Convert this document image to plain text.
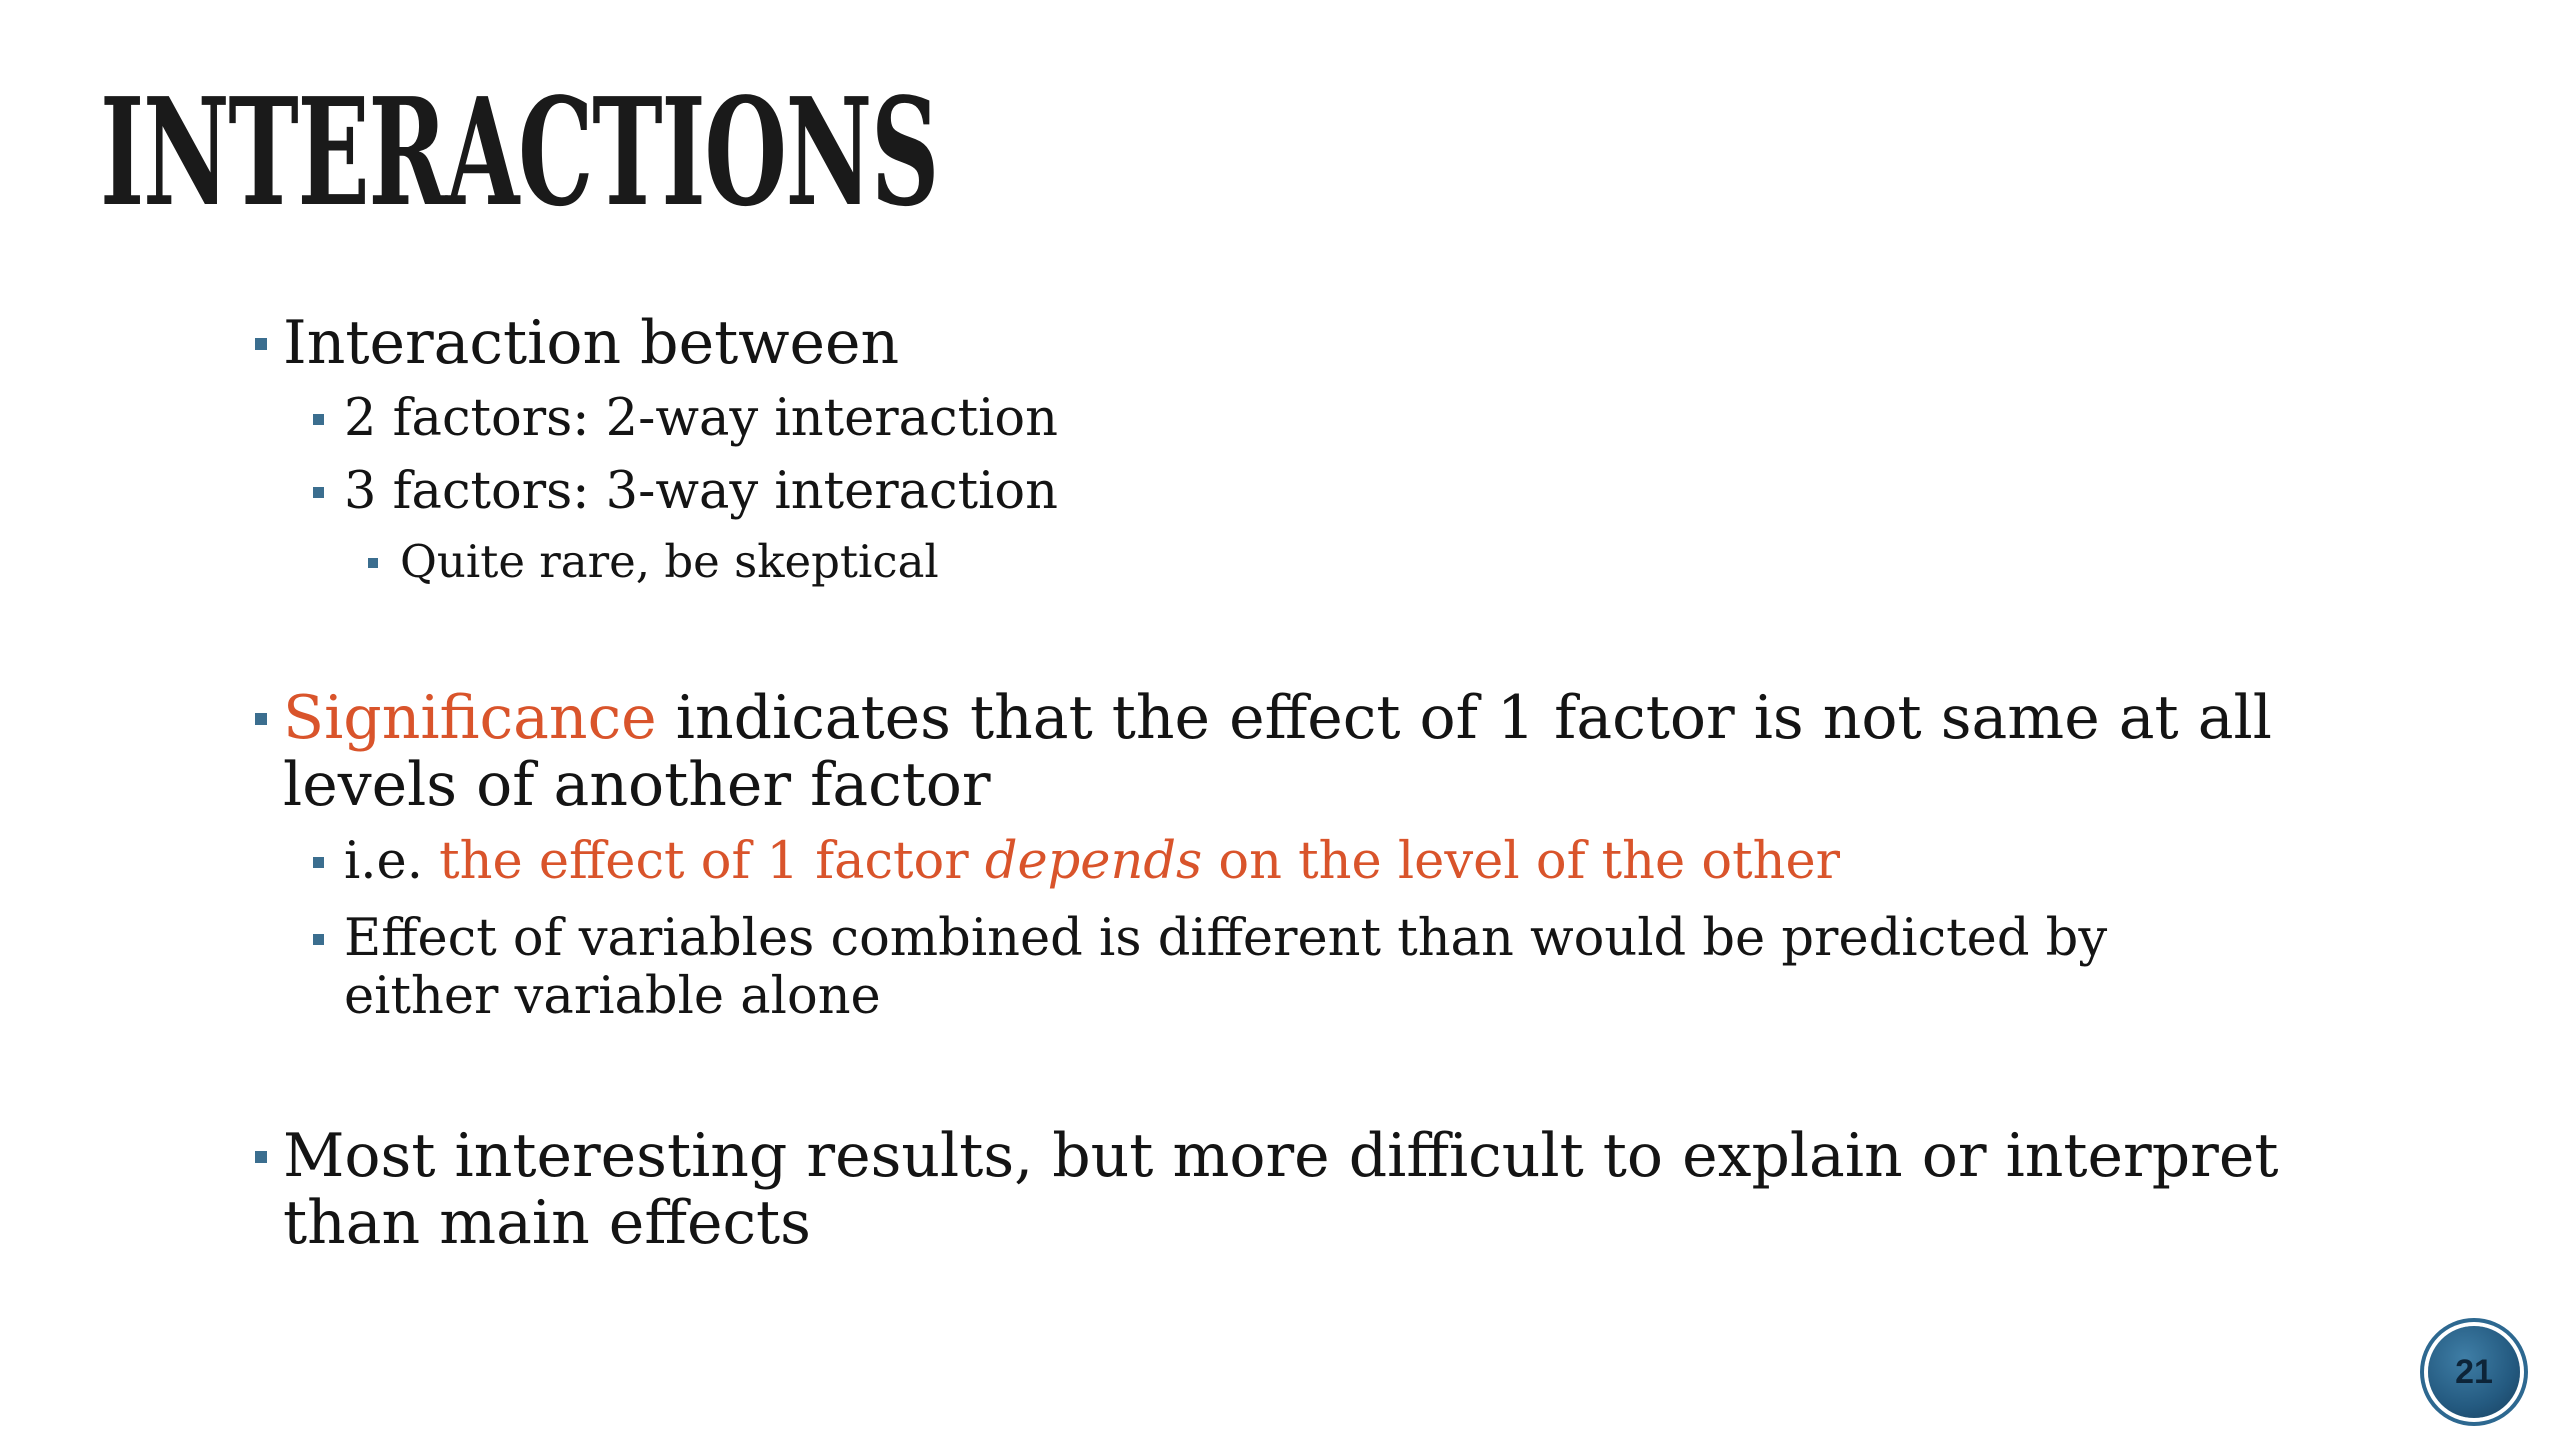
INTERACTIONS
Interaction between
2 factors: 2-way interaction
3 factors: 3-way interaction
Quite rare, be skeptical
Significance indicates that the effect of 1 factor is not same at all levels of another factor
i.e. the effect of 1 factor depends on the level of the other
Effect of variables combined is different than would be predicted by either variable alone
Most interesting results, but more difficult to explain or interpret than main effects
21
